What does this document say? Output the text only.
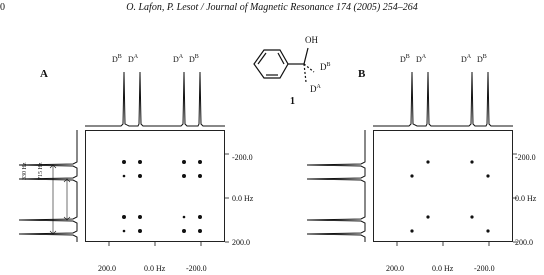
0	O. Lafon, P. Lesot / Journal of Magnetic Resonance 174 (2005) 254–264
A
$D^B$ $D^A$	$D^A$ $D^B$
330 Hz 715 Hz
-200.0
0.0 Hz
200.0
200.0	0.0 Hz	-200.0
OH
$D^B$
$D^A$
1
B
$D^B$ $D^A$	$D^A$ $D^B$
-200.0
0.0 Hz
200.0
200.0	0.0 Hz	-200.0
